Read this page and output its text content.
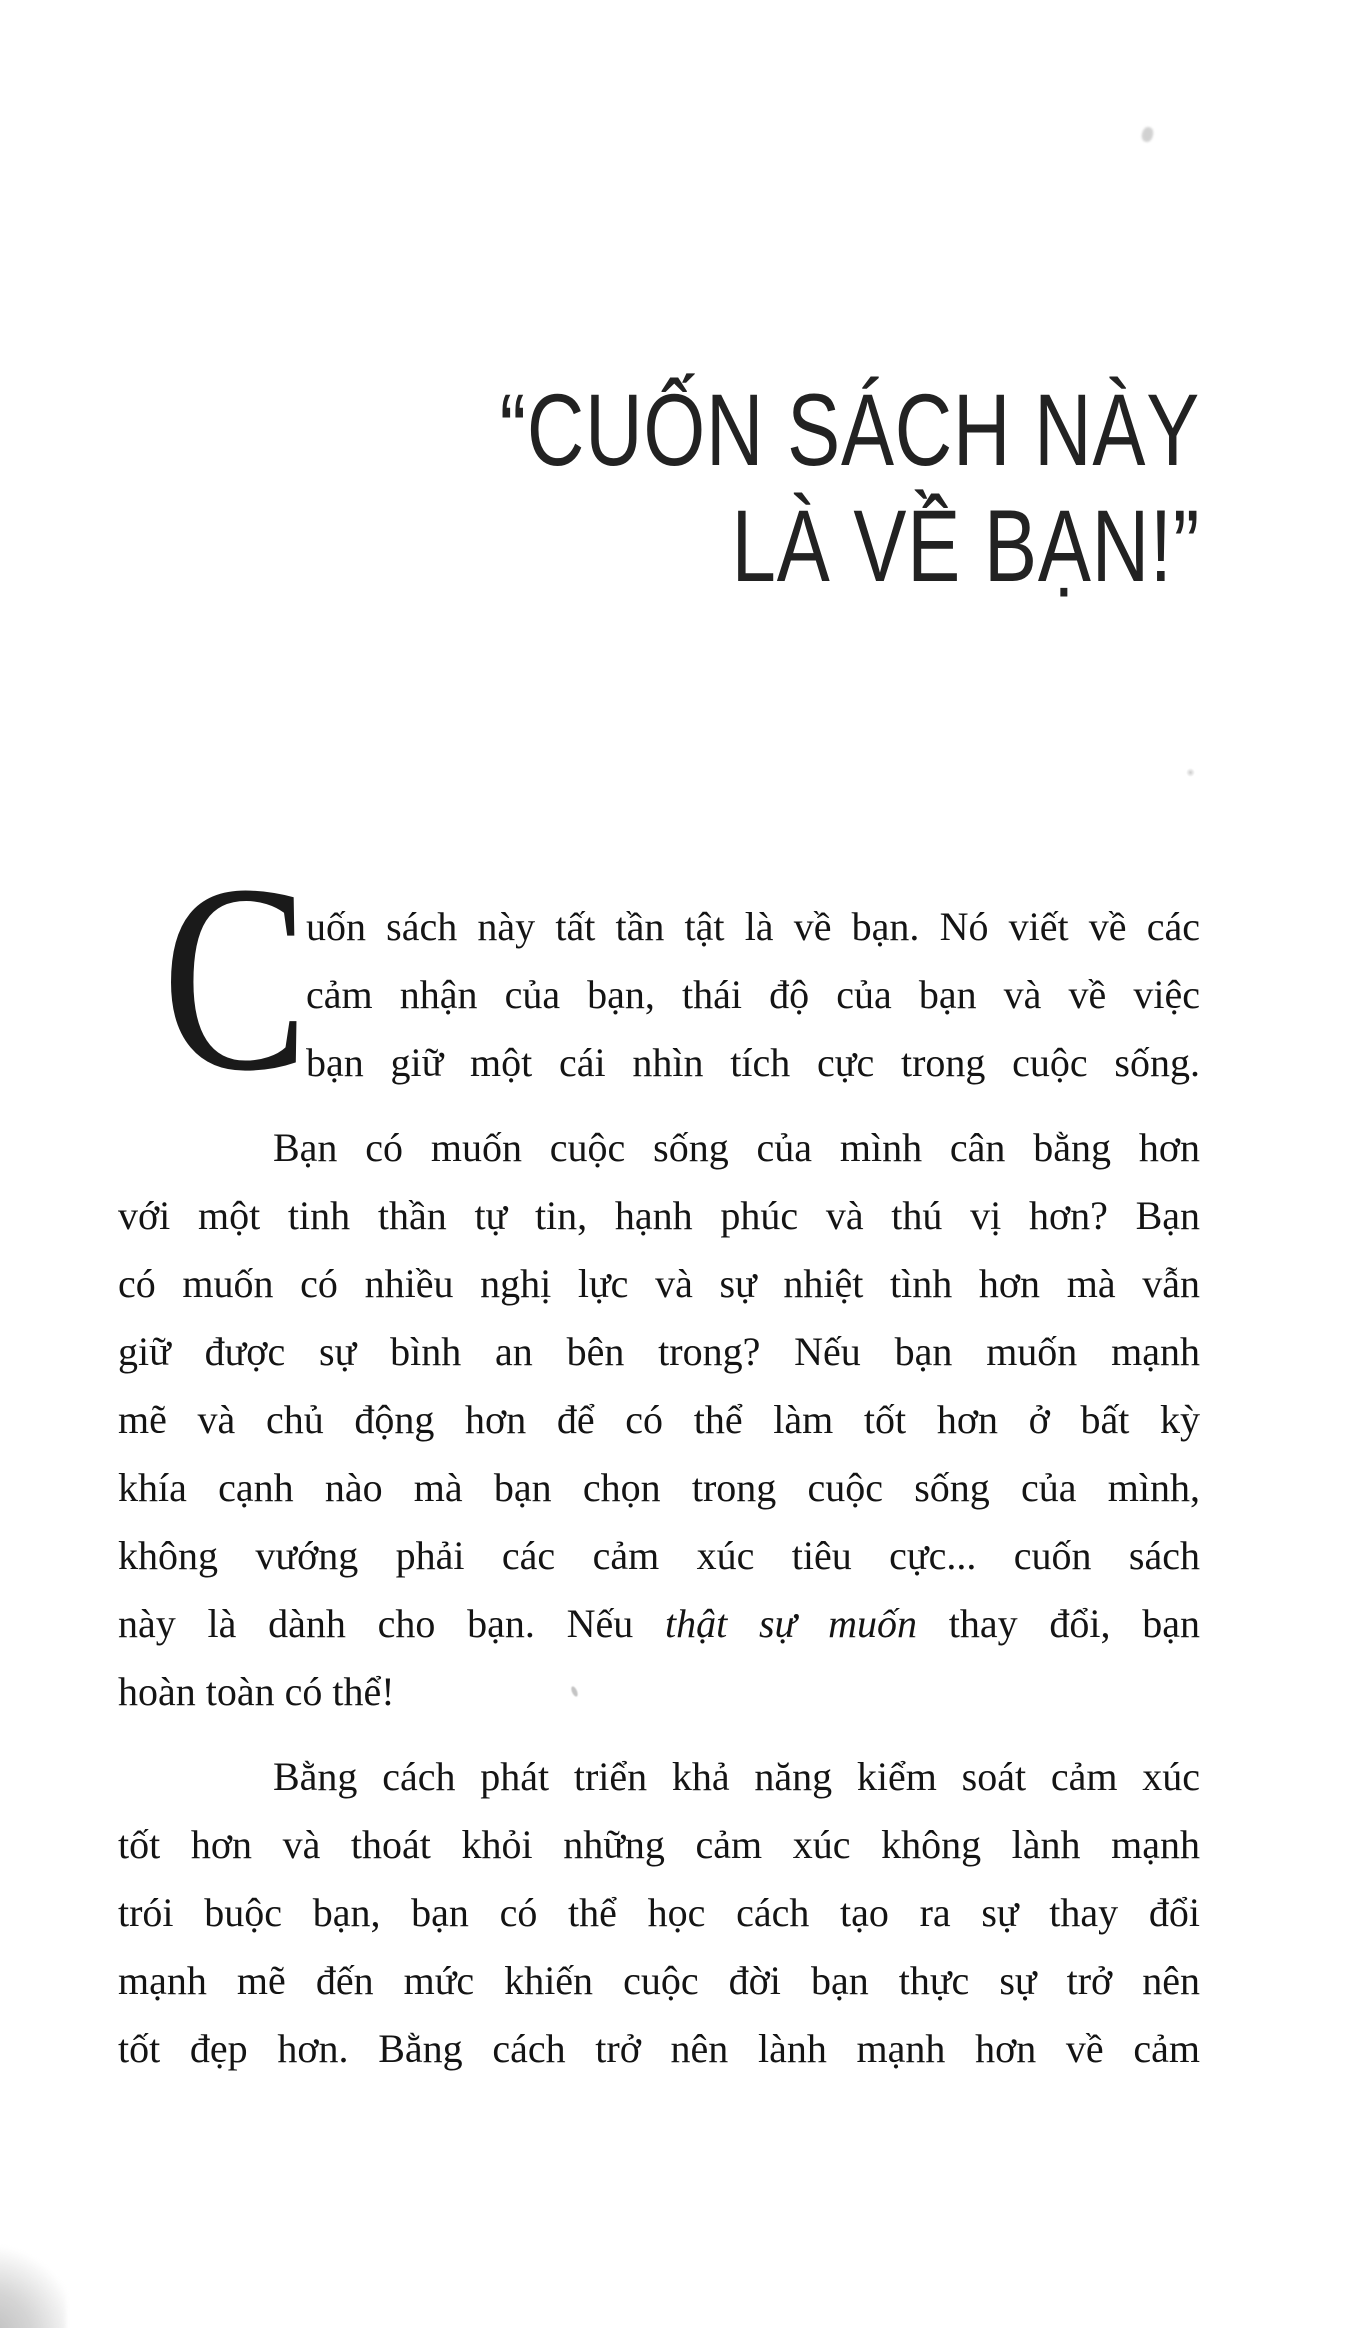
“CUỐN SÁCH NÀY
LÀ VỀ BẠN!”
C
uốn sách này tất tần tật là về bạn. Nó viết về các
cảm nhận của bạn, thái độ của bạn và về việc
bạn giữ một cái nhìn tích cực trong cuộc sống.
Bạn có muốn cuộc sống của mình cân bằng hơn
với một tinh thần tự tin, hạnh phúc và thú vị hơn? Bạn
có muốn có nhiều nghị lực và sự nhiệt tình hơn mà vẫn
giữ được sự bình an bên trong? Nếu bạn muốn mạnh
mẽ và chủ động hơn để có thể làm tốt hơn ở bất kỳ
khía cạnh nào mà bạn chọn trong cuộc sống của mình,
không vướng phải các cảm xúc tiêu cực... cuốn sách
này là dành cho bạn. Nếu thật sự muốn thay đổi, bạn
hoàn toàn có thể!
Bằng cách phát triển khả năng kiểm soát cảm xúc
tốt hơn và thoát khỏi những cảm xúc không lành mạnh
trói buộc bạn, bạn có thể học cách tạo ra sự thay đổi
mạnh mẽ đến mức khiến cuộc đời bạn thực sự trở nên
tốt đẹp hơn. Bằng cách trở nên lành mạnh hơn về cảm
